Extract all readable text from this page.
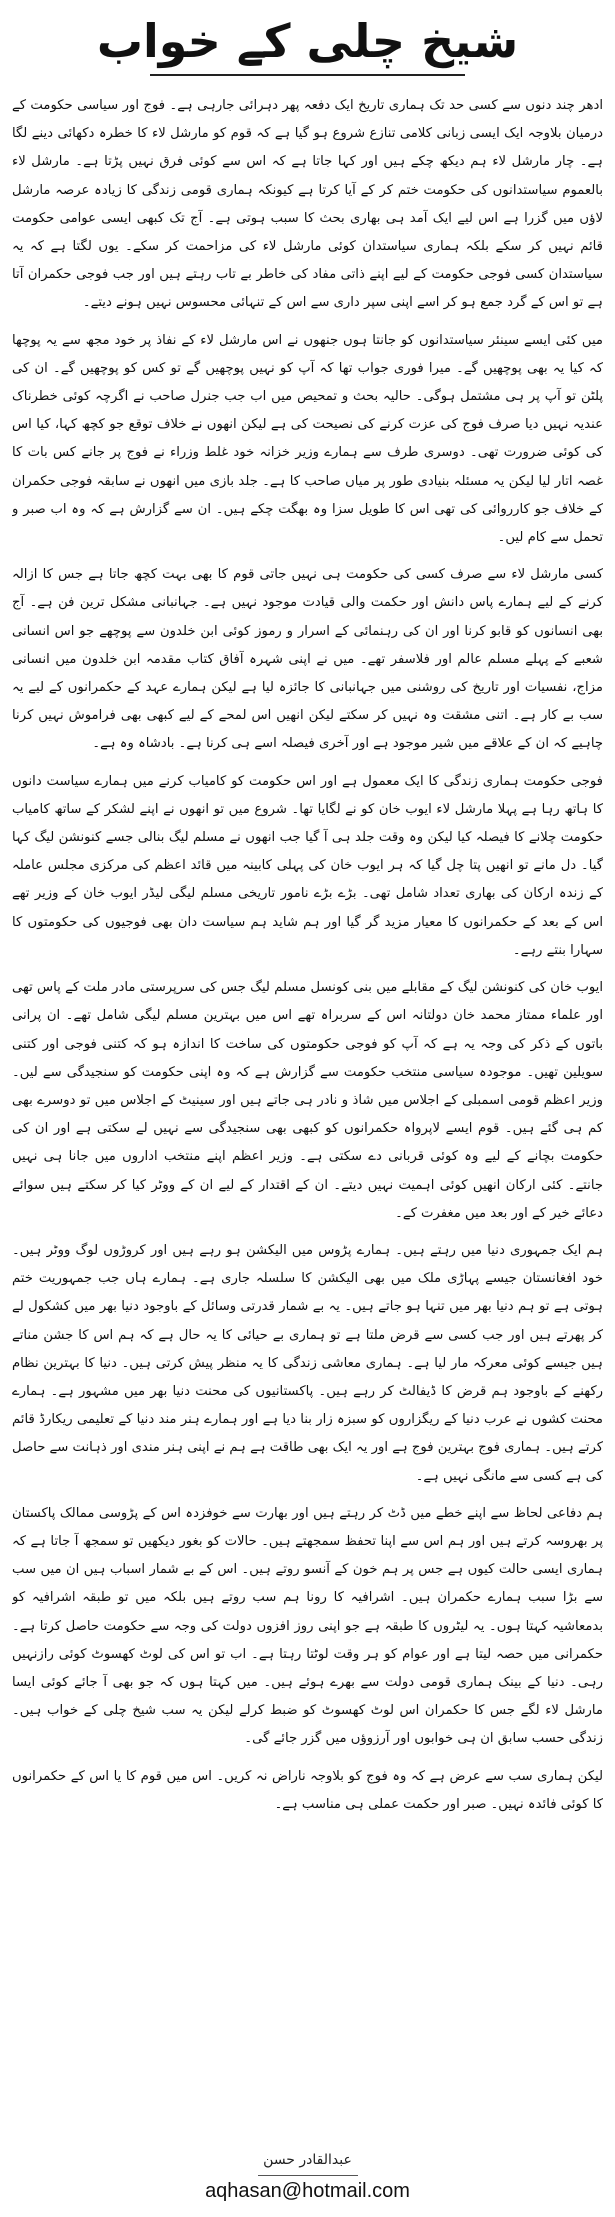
شیخ چلی کے خواب

ادھر چند دنوں سے کسی حد تک ہماری تاریخ ایک دفعہ پھر دہرائی جارہی ہے۔ فوج اور سیاسی حکومت کے درمیان بلاوجہ ایک ایسی زبانی کلامی تنازع شروع ہو گیا ہے کہ قوم کو مارشل لاء کا خطرہ دکھائی دینے لگا ہے۔ چار مارشل لاء ہم دیکھ چکے ہیں اور کہا جاتا ہے کہ اس سے کوئی فرق نہیں پڑتا ہے۔ مارشل لاء بالعموم سیاستدانوں کی حکومت ختم کر کے آیا کرتا ہے کیونکہ ہماری قومی زندگی کا زیادہ عرصہ مارشل لاؤں میں گزرا ہے اس لیے ایک آمد ہی بھاری بحث کا سبب ہوتی ہے۔ آج تک کبھی ایسی عوامی حکومت قائم نہیں کر سکے بلکہ ہماری سیاستدان کوئی مارشل لاء کی مزاحمت کر سکے۔ یوں لگتا ہے کہ یہ سیاستدان کسی فوجی حکومت کے لیے اپنے ذاتی مفاد کی خاطر بے تاب رہتے ہیں اور جب فوجی حکمران آتا ہے تو اس کے گرد جمع ہو کر اسے اپنی سپر داری سے اس کے تنہائی محسوس نہیں ہونے دیتے۔

میں کئی ایسے سینئر سیاستدانوں کو جانتا ہوں جنھوں نے اس مارشل لاء کے نفاذ پر خود مجھ سے یہ پوچھا کہ کیا یہ بھی پوچھیں گے۔ میرا فوری جواب تھا کہ آپ کو نہیں پوچھیں گے تو کس کو پوچھیں گے۔ ان کی پلٹن تو آپ پر ہی مشتمل ہوگی۔ حالیہ بحث و تمحیص میں اب جب جنرل صاحب نے اگرچہ کوئی خطرناک عندیہ نہیں دیا صرف فوج کی عزت کرنے کی نصیحت کی ہے لیکن انھوں نے خلاف توقع جو کچھ کہا، کیا اس کی کوئی ضرورت تھی۔ دوسری طرف سے ہمارے وزیر خزانہ خود غلط وزراء نے فوج پر جانے کس بات کا غصہ اتار لیا لیکن یہ مسئلہ بنیادی طور پر میاں صاحب کا ہے۔ جلد بازی میں انھوں نے سابقہ فوجی حکمران کے خلاف جو کارروائی کی تھی اس کا طویل سزا وہ بھگت چکے ہیں۔ ان سے گزارش ہے کہ وہ اب صبر و تحمل سے کام لیں۔

کسی مارشل لاء سے صرف کسی کی حکومت ہی نہیں جاتی قوم کا بھی بہت کچھ جاتا ہے جس کا ازالہ کرنے کے لیے ہمارے پاس دانش اور حکمت والی قیادت موجود نہیں ہے۔ جہانبانی مشکل ترین فن ہے۔ آج بھی انسانوں کو قابو کرنا اور ان کی رہنمائی کے اسرار و رموز کوئی ابن خلدون سے پوچھے جو اس انسانی شعبے کے پہلے مسلم عالم اور فلاسفر تھے۔ میں نے اپنی شہرہ آفاق کتاب مقدمہ ابن خلدون میں انسانی مزاج، نفسیات اور تاریخ کی روشنی میں جہانبانی کا جائزہ لیا ہے لیکن ہمارے عہد کے حکمرانوں کے لیے یہ سب بے کار ہے۔ اتنی مشقت وہ نہیں کر سکتے لیکن انھیں اس لمحے کے لیے کبھی بھی فراموش نہیں کرنا چاہیے کہ ان کے علاقے میں شیر موجود ہے اور آخری فیصلہ اسے ہی کرنا ہے۔ بادشاہ وہ ہے۔

فوجی حکومت ہماری زندگی کا ایک معمول ہے اور اس حکومت کو کامیاب کرنے میں ہمارے سیاست دانوں کا ہاتھ رہا ہے پہلا مارشل لاء ایوب خان کو نے لگایا تھا۔ شروع میں تو انھوں نے اپنے لشکر کے ساتھ کامیاب حکومت چلانے کا فیصلہ کیا لیکن وہ وقت جلد ہی آ گیا جب انھوں نے مسلم لیگ بنالی جسے کنونشن لیگ کہا گیا۔ دل مانے تو انھیں پتا چل گیا کہ ہر ایوب خان کی پہلی کابینہ میں قائد اعظم کی مرکزی مجلس عاملہ کے زندہ ارکان کی بھاری تعداد شامل تھی۔ بڑے بڑے نامور تاریخی مسلم لیگی لیڈر ایوب خان کے وزیر تھے اس کے بعد کے حکمرانوں کا معیار مزید گر گیا اور ہم شاید ہم سیاست دان بھی فوجیوں کی حکومتوں کا سہارا بنتے رہے۔

ایوب خان کی کنونشن لیگ کے مقابلے میں بنی کونسل مسلم لیگ جس کی سرپرستی مادر ملت کے پاس تھی اور علماء ممتاز محمد خان دولتانہ اس کے سربراہ تھے اس میں بہترین مسلم لیگی شامل تھے۔ ان پرانی باتوں کے ذکر کی وجہ یہ ہے کہ آپ کو فوجی حکومتوں کی ساخت کا اندازہ ہو کہ کتنی فوجی اور کتنی سویلین تھیں۔ موجودہ سیاسی منتخب حکومت سے گزارش ہے کہ وہ اپنی حکومت کو سنجیدگی سے لیں۔ وزیر اعظم قومی اسمبلی کے اجلاس میں شاذ و نادر ہی جاتے ہیں اور سینیٹ کے اجلاس میں تو دوسرے بھی کم ہی گئے ہیں۔ قوم ایسے لاپرواہ حکمرانوں کو کبھی بھی سنجیدگی سے نہیں لے سکتی ہے اور ان کی حکومت بچانے کے لیے وہ کوئی قربانی دے سکتی ہے۔ وزیر اعظم اپنے منتخب اداروں میں جانا ہی نہیں جانتے۔ کئی ارکان انھیں کوئی اہمیت نہیں دیتے۔ ان کے اقتدار کے لیے ان کے ووٹر کیا کر سکتے ہیں سوائے دعائے خیر کے اور بعد میں مغفرت کے۔

ہم ایک جمہوری دنیا میں رہتے ہیں۔ ہمارے پڑوس میں الیکشن ہو رہے ہیں اور کروڑوں لوگ ووٹر ہیں۔ خود افغانستان جیسے پہاڑی ملک میں بھی الیکشن کا سلسلہ جاری ہے۔ ہمارے ہاں جب جمہوریت ختم ہوتی ہے تو ہم دنیا بھر میں تنہا ہو جاتے ہیں۔ یہ بے شمار قدرتی وسائل کے باوجود دنیا بھر میں کشکول لے کر پھرتے ہیں اور جب کسی سے قرض ملتا ہے تو ہماری بے حیائی کا یہ حال ہے کہ ہم اس کا جشن مناتے ہیں جیسے کوئی معرکہ مار لیا ہے۔ ہماری معاشی زندگی کا یہ منظر پیش کرتی ہیں۔ دنیا کا بہترین نظام رکھنے کے باوجود ہم قرض کا ڈیفالٹ کر رہے ہیں۔ پاکستانیوں کی محنت دنیا بھر میں مشہور ہے۔ ہمارے محنت کشوں نے عرب دنیا کے ریگزاروں کو سبزہ زار بنا دیا ہے اور ہمارے ہنر مند دنیا کے تعلیمی ریکارڈ قائم کرتے ہیں۔ ہماری فوج بہترین فوج ہے اور یہ ایک بھی طاقت ہے ہم نے اپنی ہنر مندی اور ذہانت سے حاصل کی ہے کسی سے مانگی نہیں ہے۔

ہم دفاعی لحاظ سے اپنے خطے میں ڈٹ کر رہتے ہیں اور بھارت سے خوفزدہ اس کے پڑوسی ممالک پاکستان پر بھروسہ کرتے ہیں اور ہم اس سے اپنا تحفظ سمجھتے ہیں۔ حالات کو بغور دیکھیں تو سمجھ آ جاتا ہے کہ ہماری ایسی حالت کیوں ہے جس پر ہم خون کے آنسو روتے ہیں۔ اس کے بے شمار اسباب ہیں ان میں سب سے بڑا سبب ہمارے حکمران ہیں۔ اشرافیہ کا رونا ہم سب روتے ہیں بلکہ میں تو طبقہ اشرافیہ کو بدمعاشیہ کہتا ہوں۔ یہ لیٹروں کا طبقہ ہے جو اپنی روز افزوں دولت کی وجہ سے حکومت حاصل کرتا ہے۔ حکمرانی میں حصہ لیتا ہے اور عوام کو ہر وقت لوٹتا رہتا ہے۔ اب تو اس کی لوٹ کھسوٹ کوئی رازنہیں رہی۔ دنیا کے بینک ہماری قومی دولت سے بھرے ہوئے ہیں۔ میں کہتا ہوں کہ جو بھی آ جائے کوئی ایسا مارشل لاء لگے جس کا حکمران اس لوٹ کھسوٹ کو ضبط کرلے لیکن یہ سب شیخ چلی کے خواب ہیں۔ زندگی حسب سابق ان ہی خوابوں اور آرزوؤں میں گزر جائے گی۔

لیکن ہماری سب سے عرض ہے کہ وہ فوج کو بلاوجہ ناراض نہ کریں۔ اس میں قوم کا یا اس کے حکمرانوں کا کوئی فائدہ نہیں۔ صبر اور حکمت عملی ہی مناسب ہے۔

عبدالقادر حسن
aqhasan@hotmail.com
